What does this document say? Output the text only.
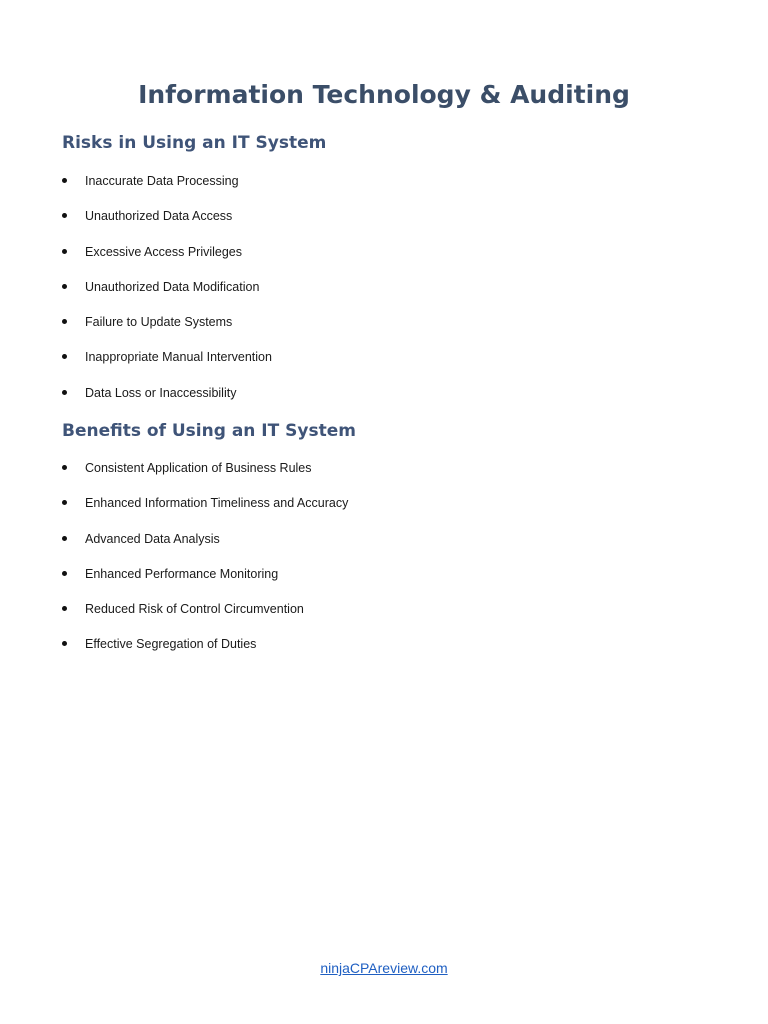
Information Technology & Auditing
Risks in Using an IT System
Inaccurate Data Processing
Unauthorized Data Access
Excessive Access Privileges
Unauthorized Data Modification
Failure to Update Systems
Inappropriate Manual Intervention
Data Loss or Inaccessibility
Benefits of Using an IT System
Consistent Application of Business Rules
Enhanced Information Timeliness and Accuracy
Advanced Data Analysis
Enhanced Performance Monitoring
Reduced Risk of Control Circumvention
Effective Segregation of Duties
ninjaCPAreview.com
